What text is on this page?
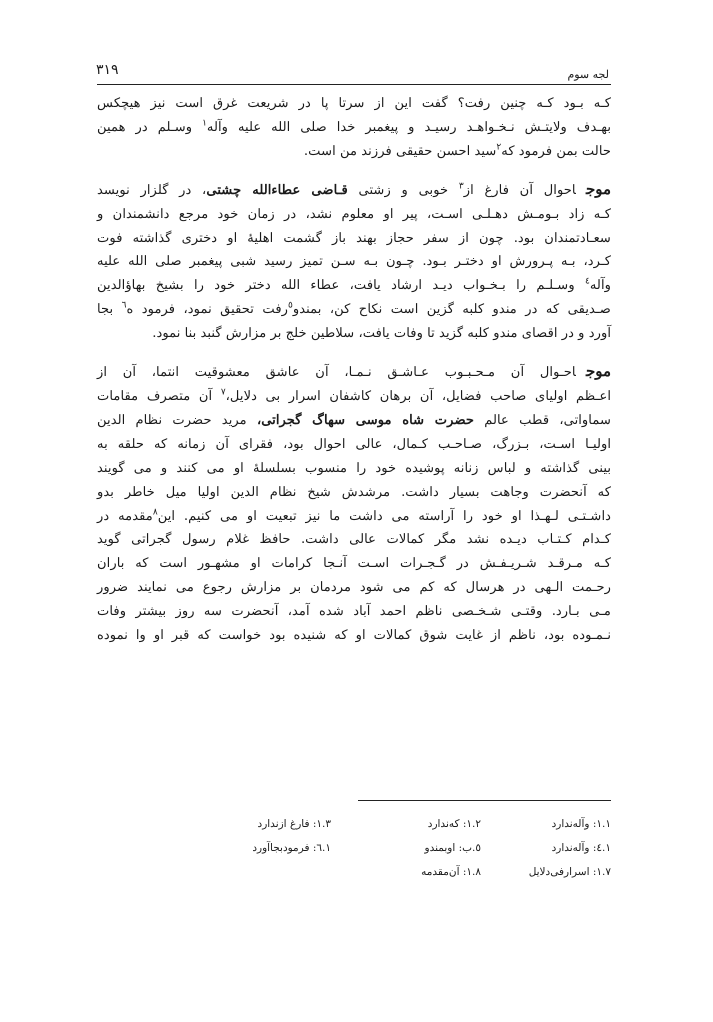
۳۱۹	لجه سوم

کـه بـود کـه چنین رفت؟ گفت این از سرتا پا در شریعت غرق است نیز هیچکس
بهـدف ولایتـش نـخـواهـد رسیـد و پیغمبر خدا صلی الله علیه وآله$^۱$ وسـلم در همین
حالت بمن فرمود که$^۲$سید احسن حقیقی فرزند من است.

موجاحوال آن فارغ از$^۳$ خوبی و زشتی قـاضی عطاءالله چشتی، در گلزار نویسد
کـه زاد بـومـش دهـلـی اسـت، پیر او معلوم نشد، در زمان خود مرجع دانشمندان و
سعـادتمندان بود. چون از سفر حجاز بهند باز گشمت اهلیهٔ او دختری گذاشته فوت
کـرد، بـه پـرورش او دختـر بـود. چـون بـه سـن تمیز رسید شبی پیغمبر صلی الله علیه
وآله$^٤$ وسـلـم را بـخـواب دیـد ارشاد یافت، عطاء الله دختر خود را بشیخ بهاؤالدین
صـدیقی که در مندو کلبه گزین است نکاح کن، بمندو$^٥$رفت تحقیق نمود، فرمود ه$^٦$ بجا
آورد و در اقصای مندو کلبه گزید تا وفات یافت، سلاطین خلج بر مزارش گنبد بنا نمود.

موجاحـوال آن مـحـبـوب عـاشـق نـمـا، آن عاشق معشوقیت انتما، آن از
اعـظم اولیای صاحب فضایل، آن برهان کاشفان اسرار بی دلایل،$^۷$ آن متصرف مقامات
سماواتی، قطب عالم حضرت شاه موسی سهاگ گجراتی، مرید حضرت نظام الدین
اولیـا اسـت، بـزرگ، صـاحـب کـمال، عالی احوال بود، فقرای آن زمانه که حلقه به
بینی گذاشته و لباس زنانه پوشیده خود را منسوب بسلسلهٔ او می کنند و می گویند
که آنحضرت وجاهت بسیار داشت. مرشدش شیخ نظام الدین اولیا میل خاطر بدو
داشـتـی لـهـذا او خود را آراسته می داشت ما نیز تبعیت او می کنیم. این$^۸$مقدمه در
کـدام کـتـاب دیـده نشد مگر کمالات عالی داشت. حافظ غلام رسول گجراتی گوید
کـه مـرقـد شـریـفـش در گـجـرات اسـت آنـجا کرامات او مشهـور است که باران
رحـمت الـهی در هرسال که کم می شود مردمان بر مزارش رجوع می نمایند ضرور
مـی بـارد. وقتـی شـخـصی ناظم احمد آباد شده آمد، آنحضرت سه روز بیشتر وفات
نـمـوده بود، ناظم از غایت شوق کمالات او که شنیده بود خواست که قبر او وا نموده

۱.۱: وآله‌ندارد
۱.۲: که‌ندارد
۱.۳: فارغ از‌ندارد
۱.٤: وآله‌ندارد
٥.ب: او‌بمندو
۱.٦: فرمود‌بجاآورد
۱.۷: اسرار‌فی‌دلایل
۱.۸: آن‌مقدمه
